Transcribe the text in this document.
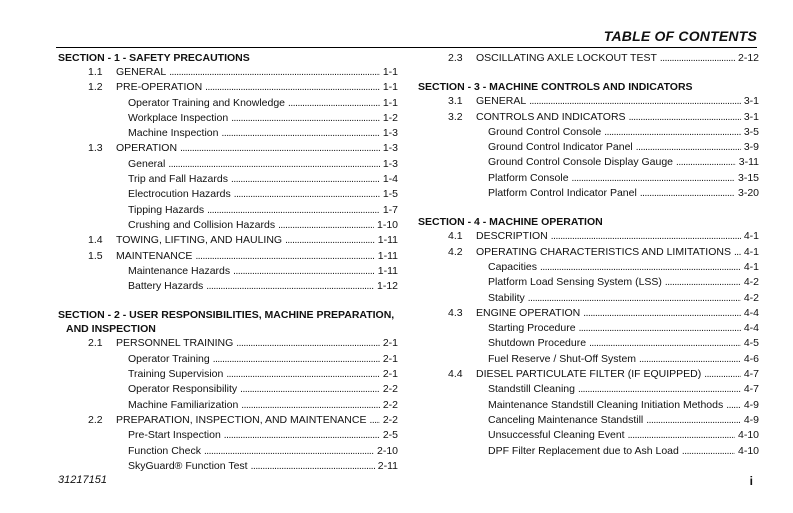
TABLE OF CONTENTS
SECTION - 1 - SAFETY PRECAUTIONS
1.1	GENERAL . . .	1-1
1.2	PRE-OPERATION . . .	1-1
Operator Training and Knowledge . . .	1-1
Workplace Inspection . . .	1-2
Machine Inspection . . .	1-3
1.3	OPERATION . . .	1-3
General . . .	1-3
Trip and Fall Hazards . . .	1-4
Electrocution Hazards . . .	1-5
Tipping Hazards . . .	1-7
Crushing and Collision Hazards . . .	1-10
1.4	TOWING, LIFTING, AND HAULING . . .	1-11
1.5	MAINTENANCE . . .	1-11
Maintenance Hazards . . .	1-11
Battery Hazards . . .	1-12
SECTION - 2 - USER RESPONSIBILITIES, MACHINE PREPARATION,
AND INSPECTION
2.1	PERSONNEL TRAINING . . .	2-1
Operator Training . . .	2-1
Training Supervision . . .	2-1
Operator Responsibility . . .	2-2
Machine Familiarization . . .	2-2
2.2	PREPARATION, INSPECTION, AND MAINTENANCE . . . 2-2
Pre-Start Inspection . . .	2-5
Function Check . . .	2-10
SkyGuard® Function Test . . .	2-11
2.3	OSCILLATING AXLE LOCKOUT TEST . . .	2-12
SECTION - 3 - MACHINE CONTROLS AND INDICATORS
3.1	GENERAL . . .	3-1
3.2	CONTROLS AND INDICATORS . . .	3-1
Ground Control Console . . .	3-5
Ground Control Indicator Panel . . .	3-9
Ground Control Console Display Gauge . . .	3-11
Platform Console . . .	3-15
Platform Control Indicator Panel . . .	3-20
SECTION - 4 - MACHINE OPERATION
4.1	DESCRIPTION . . .	4-1
4.2	OPERATING CHARACTERISTICS AND LIMITATIONS . . . 4-1
Capacities . . .	4-1
Platform Load Sensing System (LSS) . . .	4-2
Stability . . .	4-2
4.3	ENGINE OPERATION . . .	4-4
Starting Procedure . . .	4-4
Shutdown Procedure . . .	4-5
Fuel Reserve / Shut-Off System . . .	4-6
4.4	DIESEL PARTICULATE FILTER (IF EQUIPPED) . . .	4-7
Standstill Cleaning . . .	4-7
Maintenance Standstill Cleaning Initiation Methods . . . 4-9
Canceling Maintenance Standstill . . .	4-9
Unsuccessful Cleaning Event . . .	4-10
DPF Filter Replacement due to Ash Load . . .	4-10
31217151	i
